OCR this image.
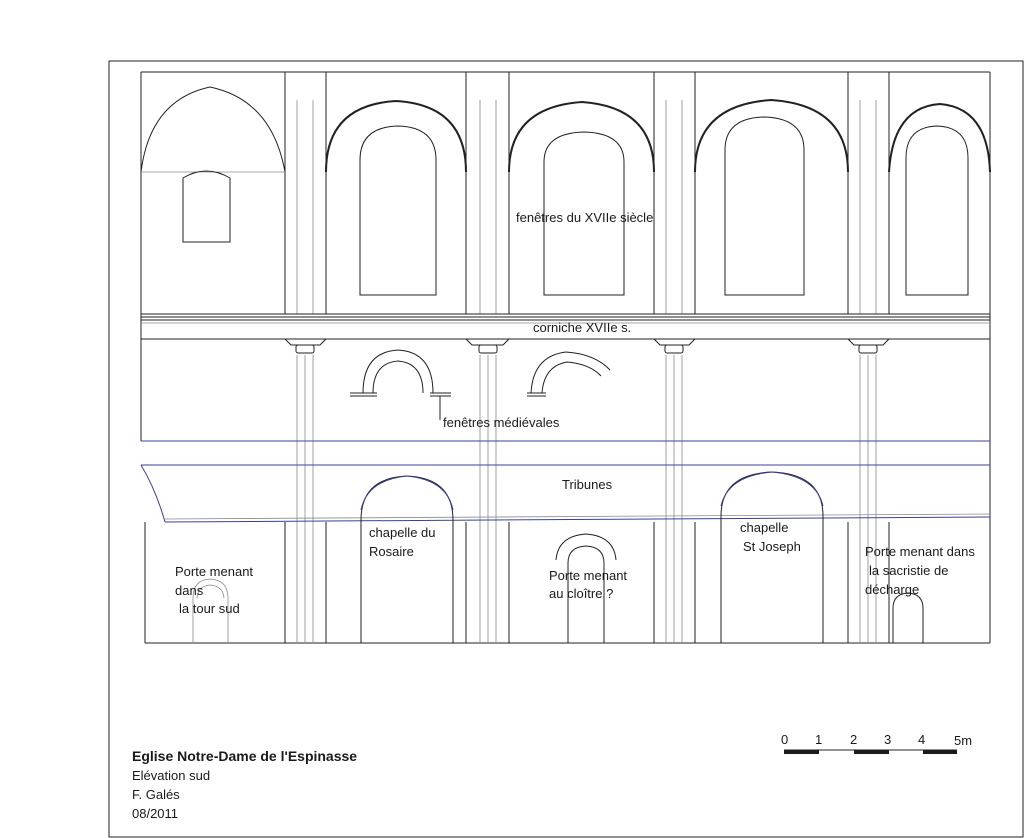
fenêtres du XVIIe siècle
corniche XVIIe s.
fenêtres médiévales
Tribunes
chapelle du
Rosaire
chapelle
St Joseph
Porte menant
dans
la tour sud
Porte menant
au cloître ?
Porte menant dans
la sacristie de
décharge
0 1 2 3 4 5m
Eglise Notre-Dame de l'Espinasse
Elévation sud
F. Galés
08/2011
